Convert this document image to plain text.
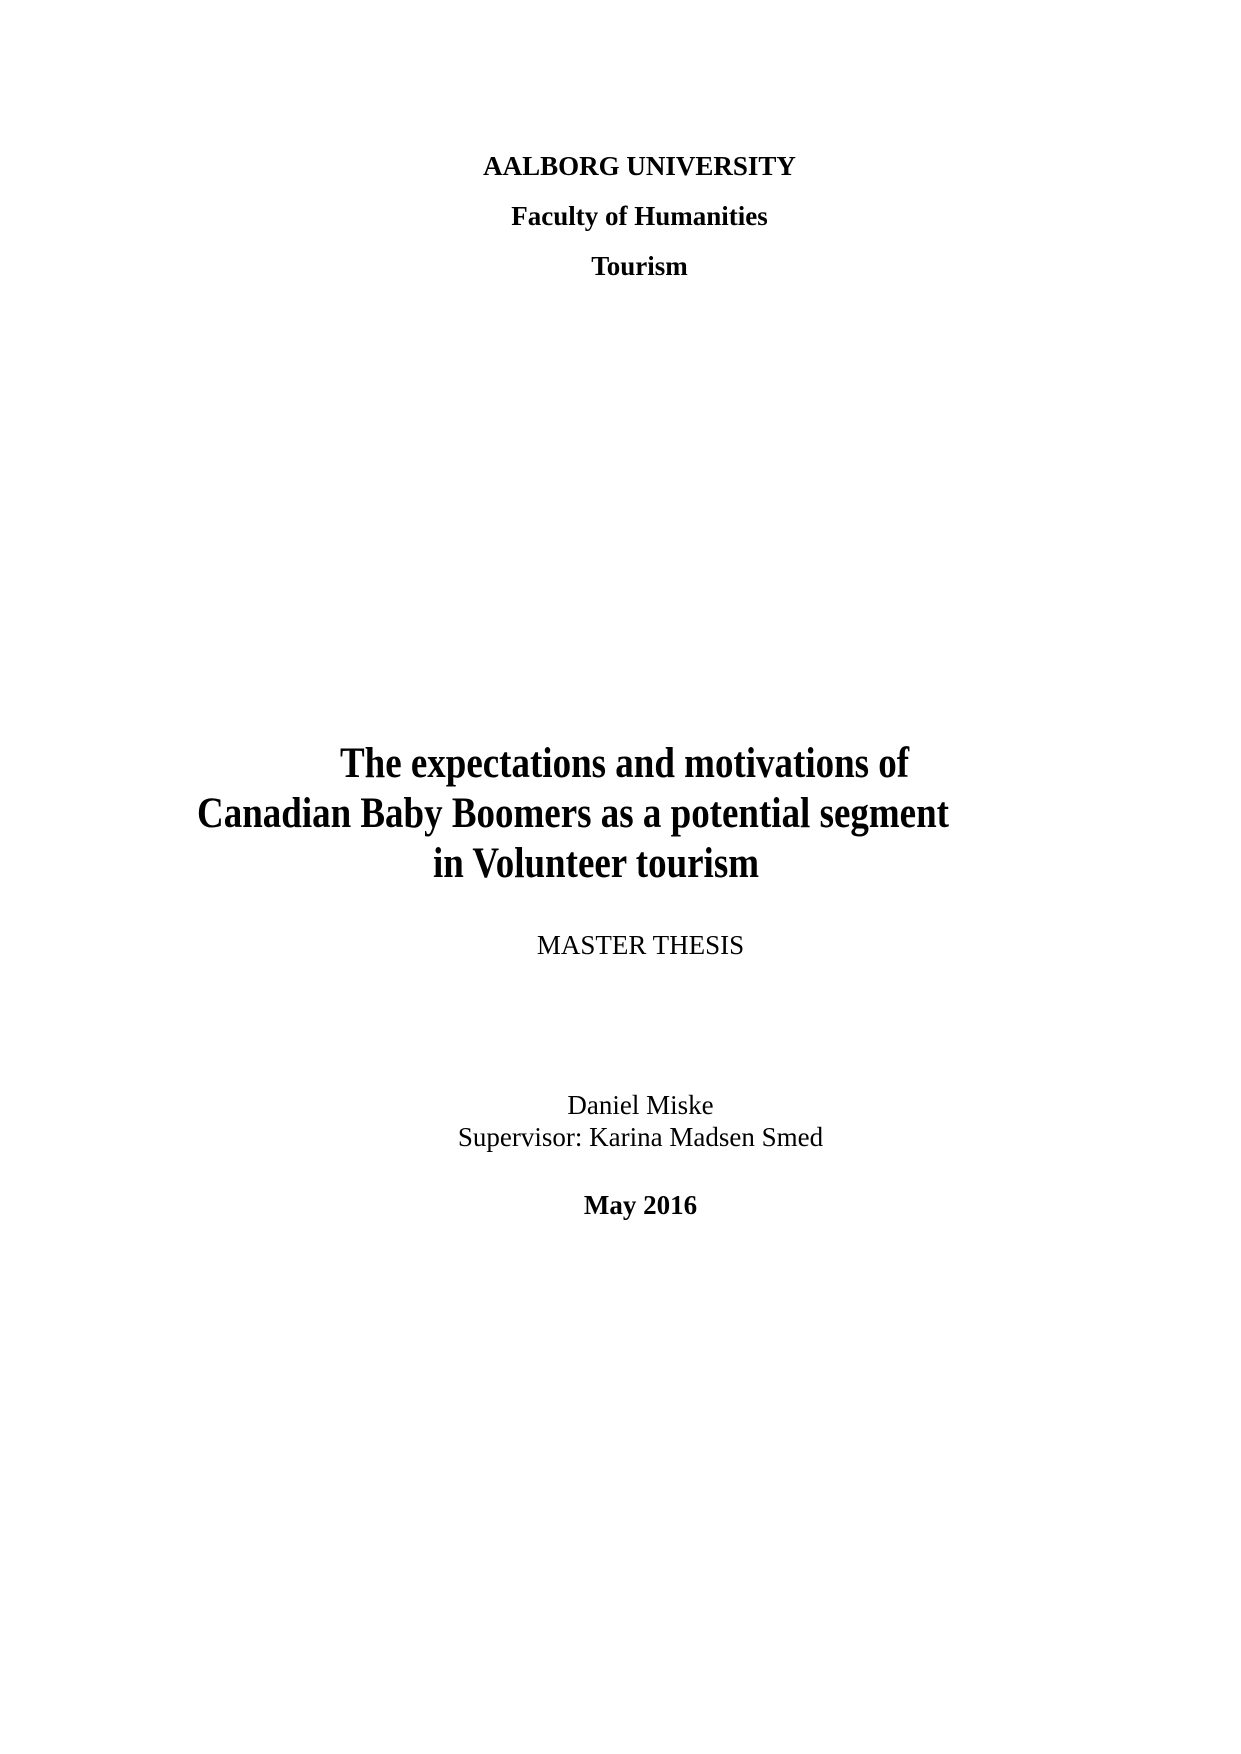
AALBORG UNIVERSITY
Faculty of Humanities
Tourism
The expectations and motivations of
Canadian Baby Boomers as a potential segment
in Volunteer tourism
MASTER THESIS
Daniel Miske
Supervisor: Karina Madsen Smed
May 2016
